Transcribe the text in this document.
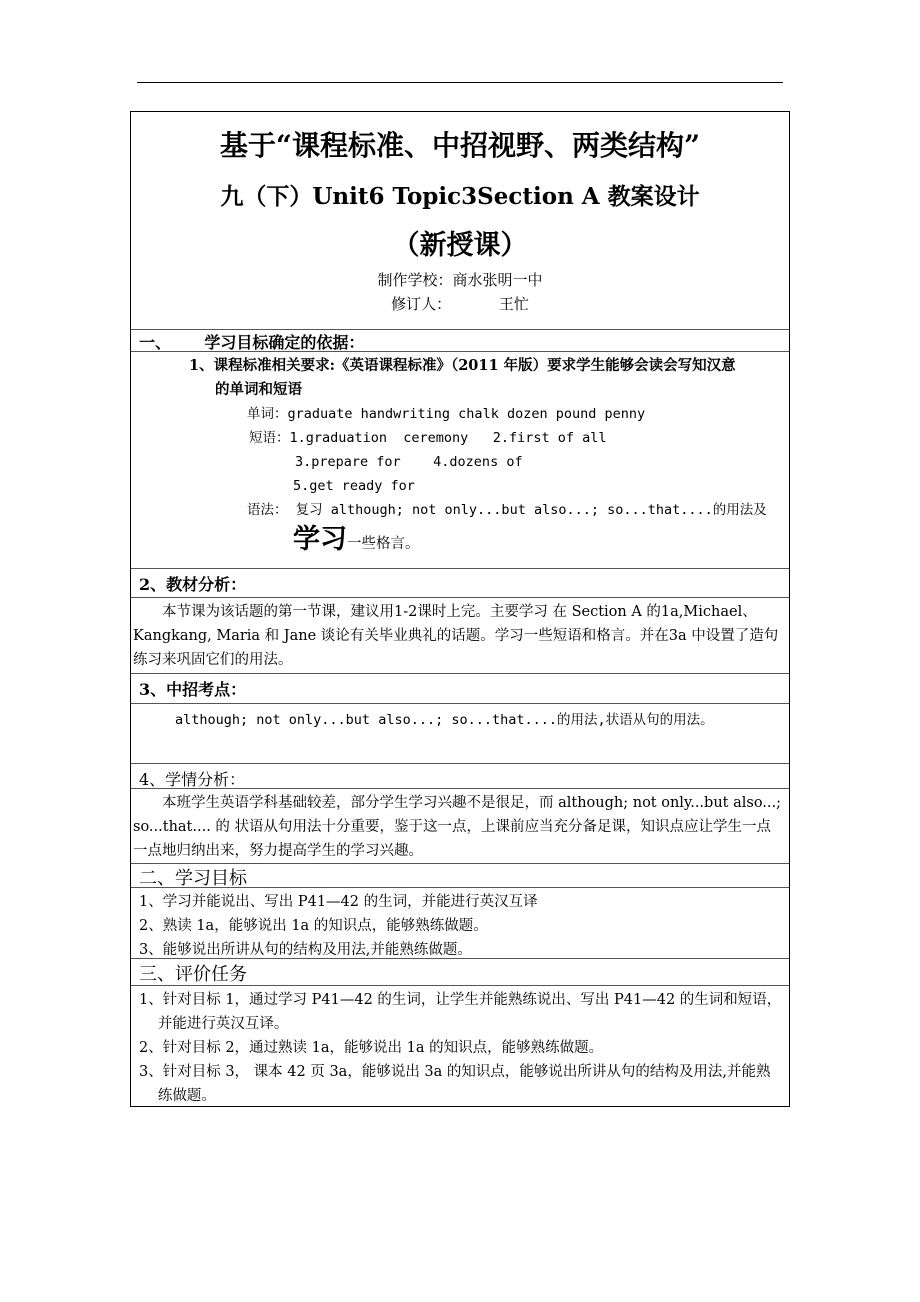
基于“课程标准、中招视野、两类结构”
九（下）Unit6 Topic3Section A 教案设计
（新授课）
制作学校：商水张明一中
修订人：          王忙
一、      学习目标确定的依据：
1、课程标准相关要求:《英语课程标准》（2011 年版）要求学生能够会读会写知汉意
的单词和短语
单词：graduate handwriting chalk dozen pound penny
短语：1.graduation  ceremony   2.first of all
3.prepare for    4.dozens of
5.get ready for
语法： 复习 although; not only...but also...; so...that....的用法及
学习一些格言。
2、教材分析：
本节课为该话题的第一节课，建议用1-2课时上完。主要学习 在 Section A 的1a,Michael、Kangkang, Maria 和 Jane 谈论有关毕业典礼的话题。学习一些短语和格言。并在3a 中设置了造句练习来巩固它们的用法。
3、中招考点：
although; not only...but also...; so...that....的用法,状语从句的用法。
4、学情分析：
本班学生英语学科基础较差，部分学生学习兴趣不是很足，而 although; not only...but also...; so...that.... 的 状语从句用法十分重要，鉴于这一点，上课前应当充分备足课，知识点应让学生一点一点地归纳出来，努力提高学生的学习兴趣。
二、学习目标
1、学习并能说出、写出 P41—42 的生词，并能进行英汉互译
2、熟读 1a，能够说出 1a 的知识点，能够熟练做题。
3、能够说出所讲从句的结构及用法,并能熟练做题。
三、评价任务
1、针对目标 1，通过学习 P41—42 的生词，让学生并能熟练说出、写出 P41—42 的生词和短语，并能进行英汉互译。
2、针对目标 2，通过熟读 1a，能够说出 1a 的知识点，能够熟练做题。
3、针对目标 3， 课本 42 页 3a，能够说出 3a 的知识点，能够说出所讲从句的结构及用法,并能熟练做题。
